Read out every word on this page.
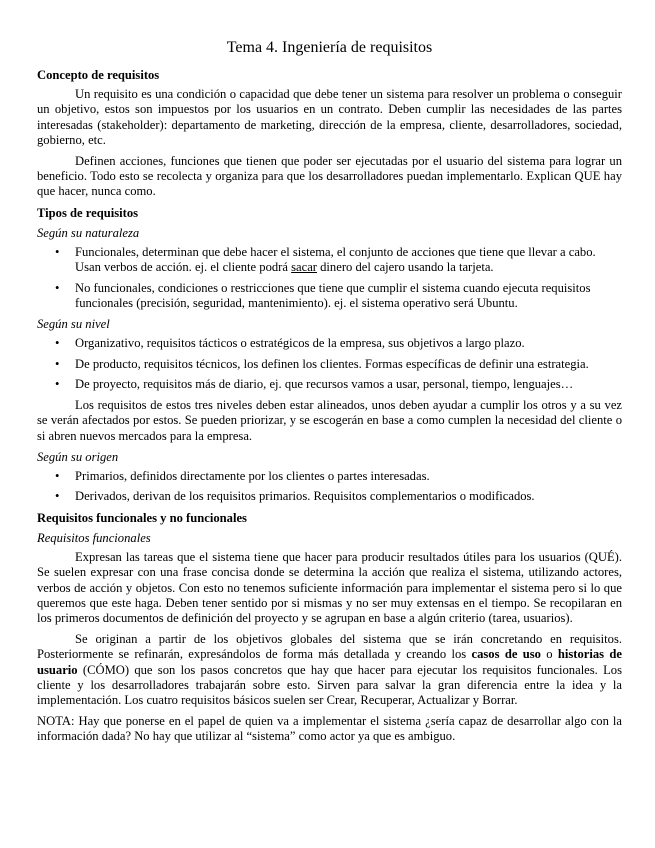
Tema 4. Ingeniería de requisitos
Concepto de requisitos

Un requisito es una condición o capacidad que debe tener un sistema para resolver un problema o conseguir un objetivo, estos son impuestos por los usuarios en un contrato. Deben cumplir las necesidades de las partes interesadas (stakeholder): departamento de marketing, dirección de la empresa, cliente, desarrolladores, sociedad, gobierno, etc.

Definen acciones, funciones que tienen que poder ser ejecutadas por el usuario del sistema para lograr un beneficio. Todo esto se recolecta y organiza para que los desarrolladores puedan implementarlo. Explican QUE hay que hacer, nunca como.

Tipos de requisitos
Según su naturaleza
• Funcionales, determinan que debe hacer el sistema, el conjunto de acciones que tiene que llevar a cabo. Usan verbos de acción. ej. el cliente podrá sacar dinero del cajero usando la tarjeta.
• No funcionales, condiciones o restricciones que tiene que cumplir el sistema cuando ejecuta requisitos funcionales (precisión, seguridad, mantenimiento). ej. el sistema operativo será Ubuntu.
Según su nivel
• Organizativo, requisitos tácticos o estratégicos de la empresa, sus objetivos a largo plazo.
• De producto, requisitos técnicos, los definen los clientes. Formas específicas de definir una estrategia.
• De proyecto, requisitos más de diario, ej. que recursos vamos a usar, personal, tiempo, lenguajes…

Los requisitos de estos tres niveles deben estar alineados, unos deben ayudar a cumplir los otros y a su vez se verán afectados por estos. Se pueden priorizar, y se escogerán en base a como cumplen la necesidad del cliente o si abren nuevos mercados para la empresa.

Según su origen
• Primarios, definidos directamente por los clientes o partes interesadas.
• Derivados, derivan de los requisitos primarios. Requisitos complementarios o modificados.
Requisitos funcionales y no funcionales
Requisitos funcionales

Expresan las tareas que el sistema tiene que hacer para producir resultados útiles para los usuarios (QUÉ). Se suelen expresar con una frase concisa donde se determina la acción que realiza el sistema, utilizando actores, verbos de acción y objetos. Con esto no tenemos suficiente información para implementar el sistema pero si lo que queremos que este haga. Deben tener sentido por si mismas y no ser muy extensas en el tiempo. Se recopilaran en los primeros documentos de definición del proyecto y se agrupan en base a algún criterio (tarea, usuarios).

Se originan a partir de los objetivos globales del sistema que se irán concretando en requisitos. Posteriormente se refinarán, expresándolos de forma más detallada y creando los casos de uso o historias de usuario (CÓMO) que son los pasos concretos que hay que hacer para ejecutar los requisitos funcionales. Los cliente y los desarrolladores trabajarán sobre esto. Sirven para salvar la gran diferencia entre la idea y la implementación. Los cuatro requisitos básicos suelen ser Crear, Recuperar, Actualizar y Borrar.

NOTA: Hay que ponerse en el papel de quien va a implementar el sistema ¿sería capaz de desarrollar algo con la información dada? No hay que utilizar al “sistema” como actor ya que es ambiguo.
